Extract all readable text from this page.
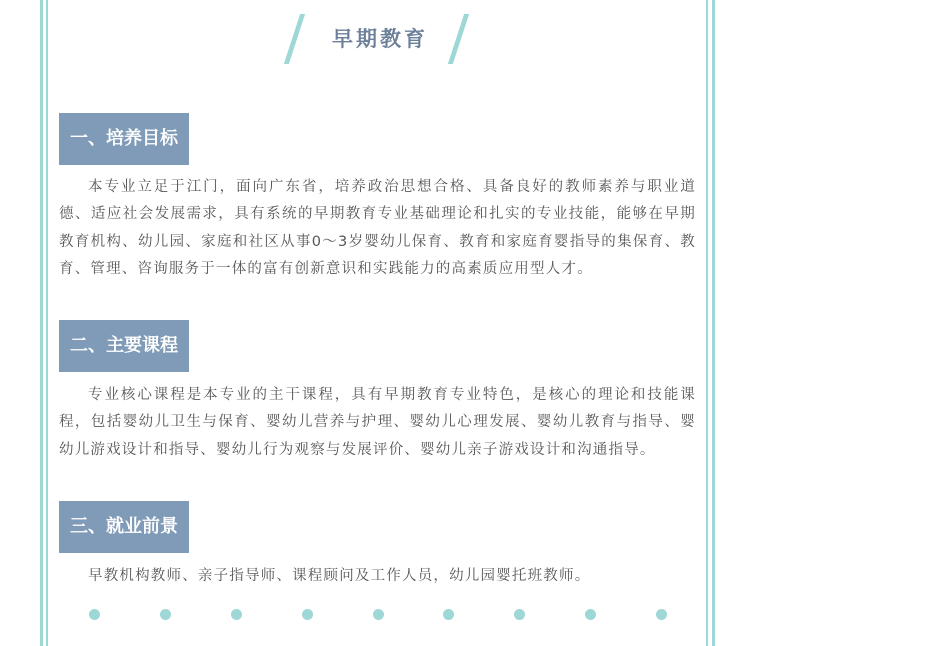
早期教育
一、培养目标

本专业立足于江门，面向广东省，培养政治思想合格、具备良好的教师素养与职业道德、适应社会发展需求，具有系统的早期教育专业基础理论和扎实的专业技能，能够在早期教育机构、幼儿园、家庭和社区从事0～3岁婴幼儿保育、教育和家庭育婴指导的集保育、教育、管理、咨询服务于一体的富有创新意识和实践能力的高素质应用型人才。

二、主要课程

专业核心课程是本专业的主干课程，具有早期教育专业特色，是核心的理论和技能课程，包括婴幼儿卫生与保育、婴幼儿营养与护理、婴幼儿心理发展、婴幼儿教育与指导、婴幼儿游戏设计和指导、婴幼儿行为观察与发展评价、婴幼儿亲子游戏设计和沟通指导。

三、就业前景

早教机构教师、亲子指导师、课程顾问及工作人员，幼儿园婴托班教师。
